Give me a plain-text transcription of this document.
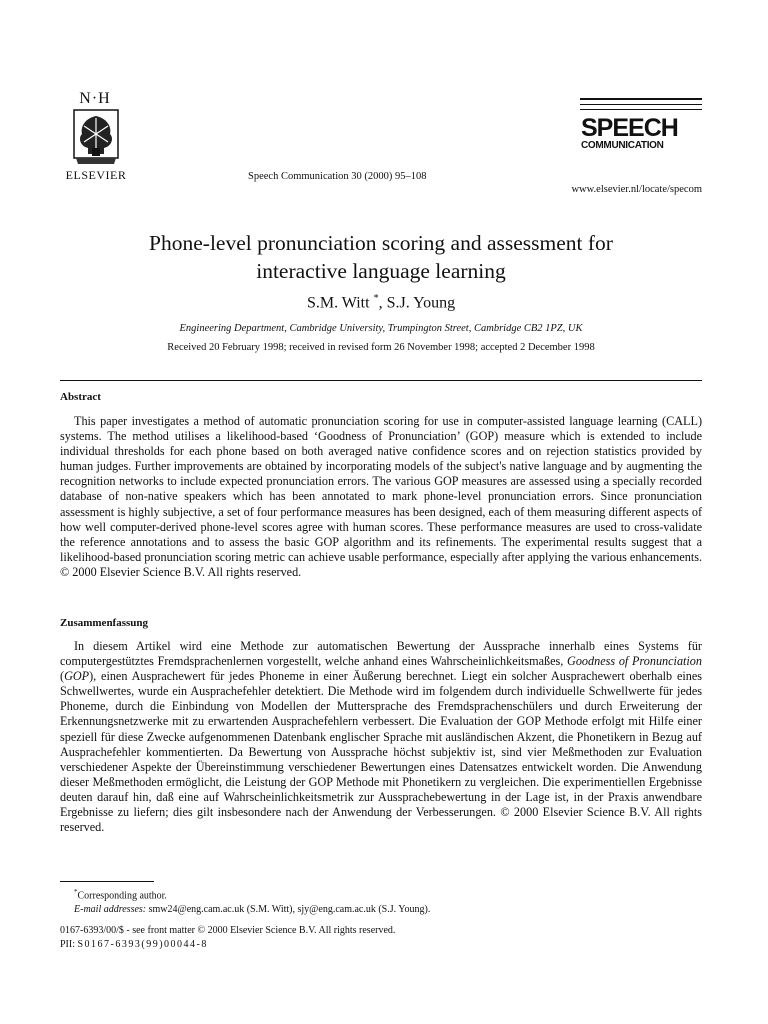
N·H
ELSEVIER	Speech Communication 30 (2000) 95–108
SPEECH
COMMUNICATION
www.elsevier.nl/locate/specom
Phone-level pronunciation scoring and assessment for
interactive language learning
S.M. Witt *, S.J. Young
Engineering Department, Cambridge University, Trumpington Street, Cambridge CB2 1PZ, UK
Received 20 February 1998; received in revised form 26 November 1998; accepted 2 December 1998
Abstract

This paper investigates a method of automatic pronunciation scoring for use in computer-assisted language learning (CALL) systems. The method utilises a likelihood-based ‘Goodness of Pronunciation’ (GOP) measure which is extended to include individual thresholds for each phone based on both averaged native confidence scores and on rejection statistics provided by human judges. Further improvements are obtained by incorporating models of the subject's native language and by augmenting the recognition networks to include expected pronunciation errors. The various GOP measures are assessed using a specially recorded database of non-native speakers which has been annotated to mark phone-level pronunciation errors. Since pronunciation assessment is highly subjective, a set of four performance measures has been designed, each of them measuring different aspects of how well computer-derived phone-level scores agree with human scores. These performance measures are used to cross-validate the reference annotations and to assess the basic GOP algorithm and its refinements. The experimental results suggest that a likelihood-based pronunciation scoring metric can achieve usable performance, especially after applying the various enhancements. © 2000 Elsevier Science B.V. All rights reserved.

Zusammenfassung

In diesem Artikel wird eine Methode zur automatischen Bewertung der Aussprache innerhalb eines Systems für computergestütztes Fremdsprachenlernen vorgestellt, welche anhand eines Wahrscheinlichkeitsmaßes, Goodness of Pronunciation (GOP), einen Ausprachewert für jedes Phoneme in einer Äußerung berechnet. Liegt ein solcher Ausprachewert oberhalb eines Schwellwertes, wurde ein Ausprachefehler detektiert. Die Methode wird im folgendem durch individuelle Schwellwerte für jedes Phoneme, durch die Einbindung von Modellen der Muttersprache des Fremdsprachenschülers und durch Erweiterung der Erkennungsnetzwerke mit zu erwartenden Ausprachefehlern verbessert. Die Evaluation der GOP Methode erfolgt mit Hilfe einer speziell für diese Zwecke aufgenommenen Datenbank englischer Sprache mit ausländischen Akzent, die Phonetikern in Bezug auf Ausprachefehler kommentierten. Da Bewertung von Aussprache höchst subjektiv ist, sind vier Meßmethoden zur Evaluation verschiedener Aspekte der Übereinstimmung verschiedener Bewertungen eines Datensatzes entwickelt worden. Die Anwendung dieser Meßmethoden ermöglicht, die Leistung der GOP Methode mit Phonetikern zu vergleichen. Die experimentiellen Ergebnisse deuten darauf hin, daß eine auf Wahrscheinlichkeitsmetrik zur Aussprachebewertung in der Lage ist, in der Praxis anwendbare Ergebnisse zu liefern; dies gilt insbesondere nach der Anwendung der Verbesserungen. © 2000 Elsevier Science B.V. All rights reserved.

*Corresponding author.
E-mail addresses: smw24@eng.cam.ac.uk (S.M. Witt), sjy@eng.cam.ac.uk (S.J. Young).
0167-6393/00/$ - see front matter © 2000 Elsevier Science B.V. All rights reserved.
PII: S0167-6393(99)00044-8
